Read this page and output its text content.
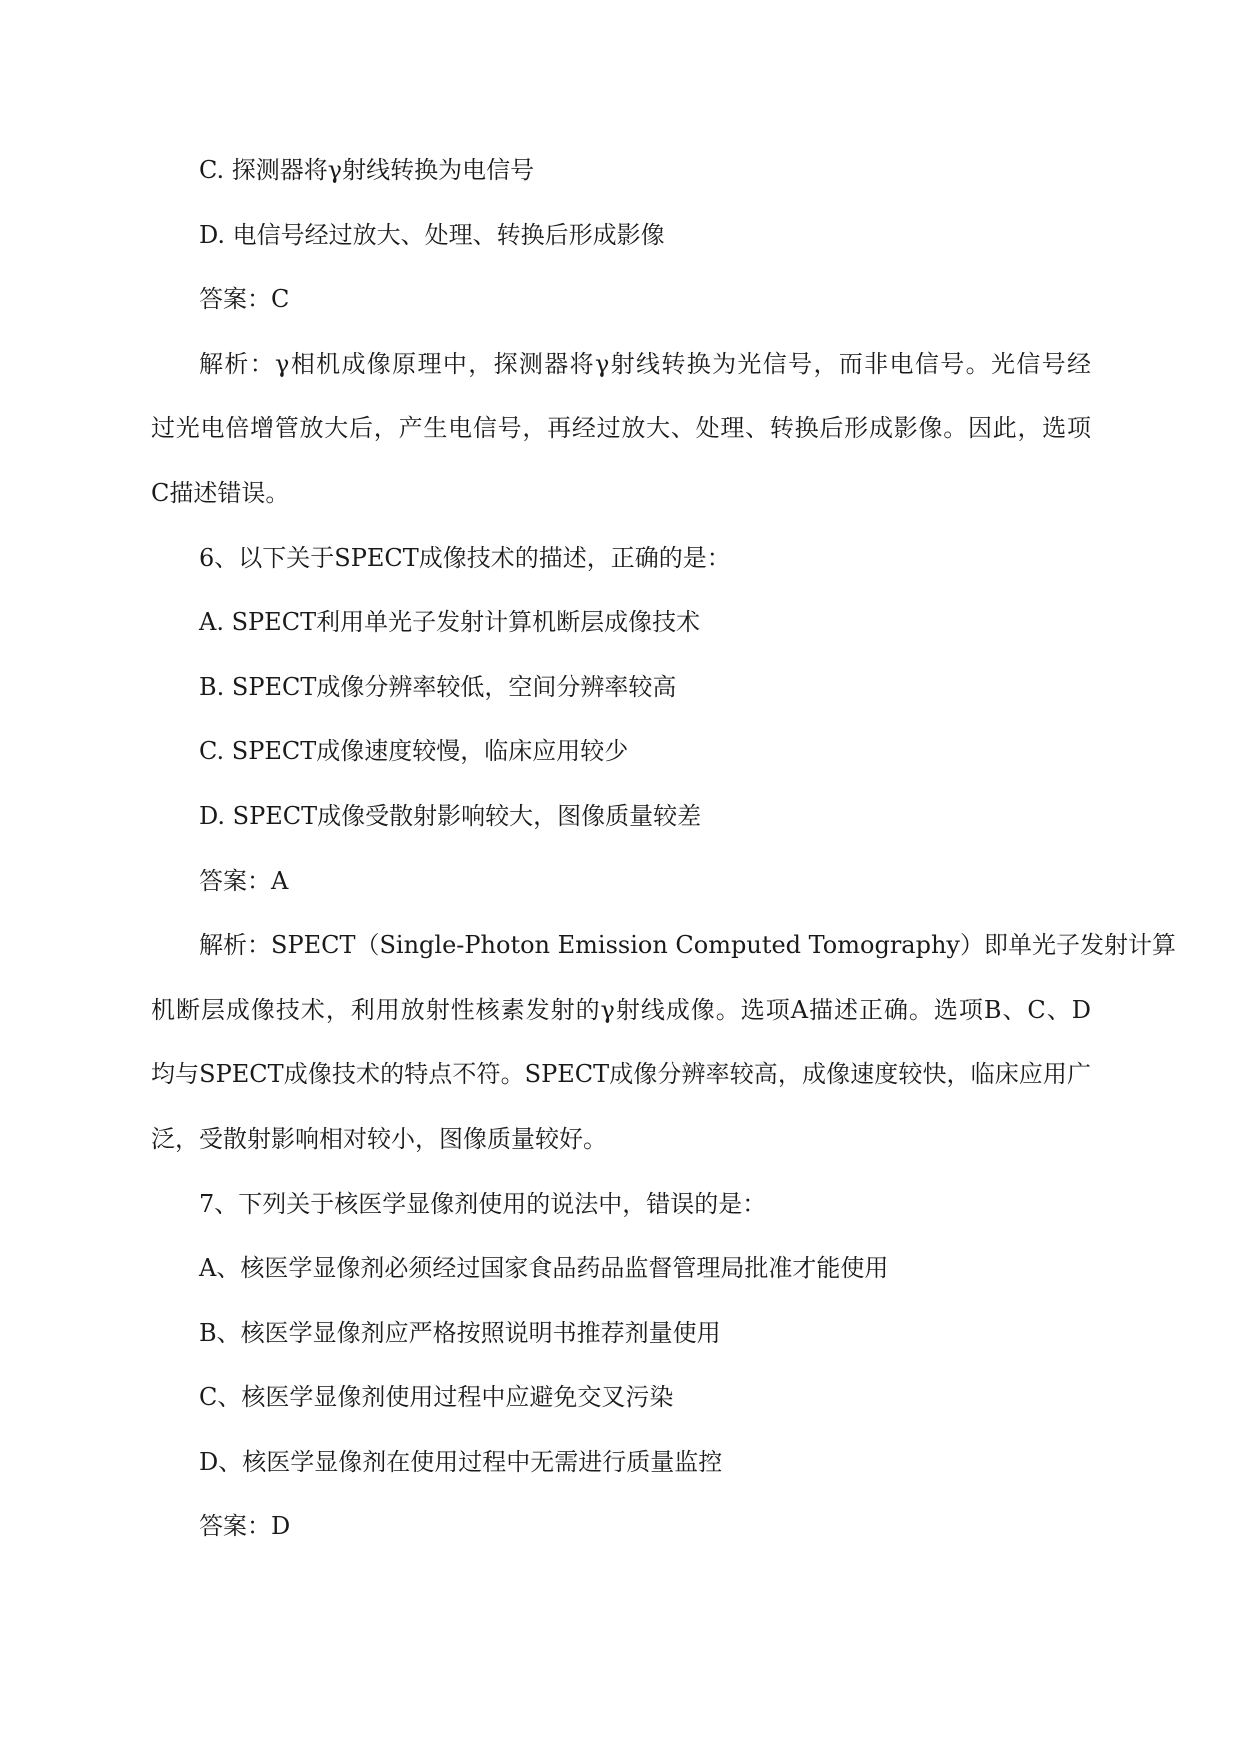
C. 探测器将γ射线转换为电信号
D. 电信号经过放大、处理、转换后形成影像
答案：C
解析：γ相机成像原理中，探测器将γ射线转换为光信号，而非电信号。光信号经
过光电倍增管放大后，产生电信号，再经过放大、处理、转换后形成影像。因此，选项
C描述错误。
6、以下关于SPECT成像技术的描述，正确的是：
A. SPECT利用单光子发射计算机断层成像技术
B. SPECT成像分辨率较低，空间分辨率较高
C. SPECT成像速度较慢，临床应用较少
D. SPECT成像受散射影响较大，图像质量较差
答案：A
解析：SPECT（Single-Photon Emission Computed Tomography）即单光子发射计算
机断层成像技术，利用放射性核素发射的γ射线成像。选项A描述正确。选项B、C、D
均与SPECT成像技术的特点不符。SPECT成像分辨率较高，成像速度较快，临床应用广
泛，受散射影响相对较小，图像质量较好。
7、下列关于核医学显像剂使用的说法中，错误的是：
A、核医学显像剂必须经过国家食品药品监督管理局批准才能使用
B、核医学显像剂应严格按照说明书推荐剂量使用
C、核医学显像剂使用过程中应避免交叉污染
D、核医学显像剂在使用过程中无需进行质量监控
答案：D
